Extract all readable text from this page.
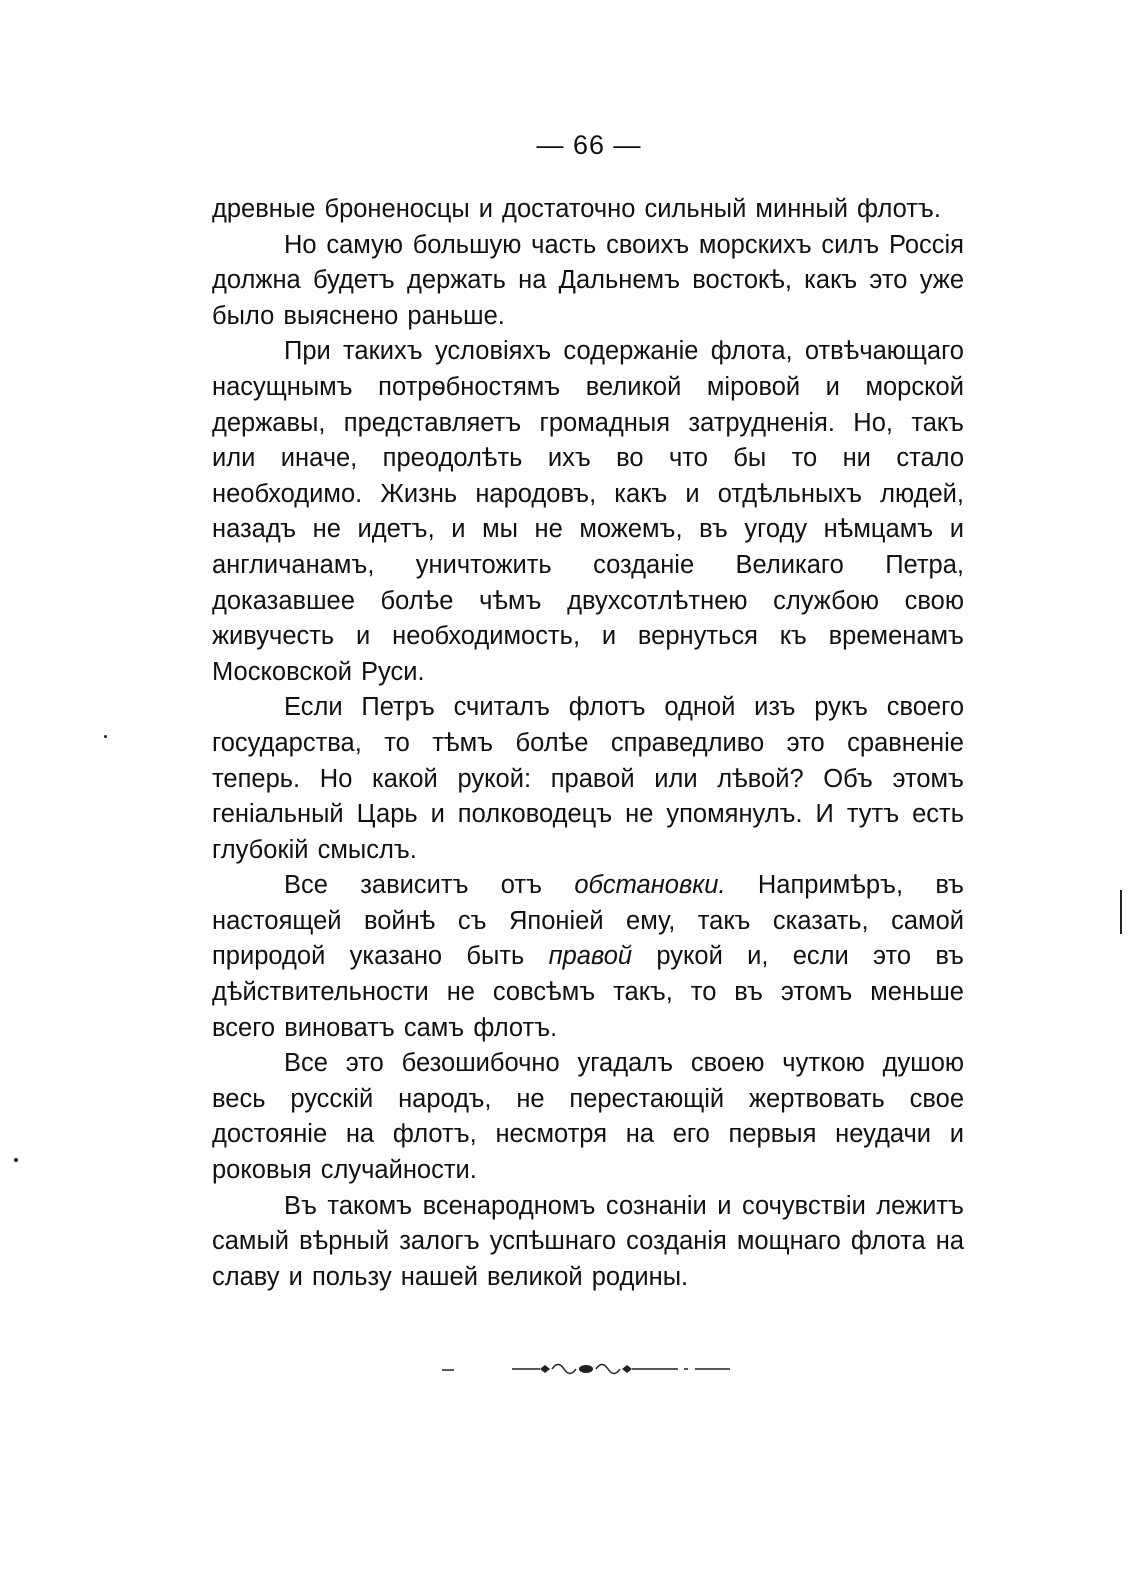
— 66 —

древные броненосцы и достаточно сильный минный флотъ.

Но самую большую часть своихъ морскихъ силъ Россія должна будетъ держать на Дальнемъ востокѣ, какъ это уже было выяснено раньше.

При такихъ условіяхъ содержаніе флота, отвѣчающаго насущнымъ потрѳбностямъ великой міровой и морской державы, представляетъ громадныя затрудненія. Но, такъ или иначе, преодолѣть ихъ во что бы то ни стало необходимо. Жизнь народовъ, какъ и отдѣльныхъ людей, назадъ не идетъ, и мы не можемъ, въ угоду нѣмцамъ и англичанамъ, уничтожить созданіе Великаго Петра, доказавшее болѣе чѣмъ двухсотлѣтнею службою свою живучесть и необходимость, и вернуться къ временамъ Московской Руси.

Если Петръ считалъ флотъ одной изъ рукъ своего государства, то тѣмъ болѣе справедливо это сравненіе теперь. Но какой рукой: правой или лѣвой? Объ этомъ геніальный Царь и полководецъ не упомянулъ. И тутъ есть глубокій смыслъ.

Все зависитъ отъ обстановки. Напримѣръ, въ настоящей войнѣ съ Японіей ему, такъ сказать, самой природой указано быть правой рукой и, если это въ дѣйствительности не совсѣмъ такъ, то въ этомъ меньше всего виноватъ самъ флотъ.

Все это безошибочно угадалъ своею чуткою душою весь русскій народъ, не перестающій жертвовать свое достояніе на флотъ, несмотря на его первыя неудачи и роковыя случайности.

Въ такомъ всенародномъ сознаніи и сочувствіи лежитъ самый вѣрный залогъ успѣшнаго созданія мощнаго флота на славу и пользу нашей великой родины.
